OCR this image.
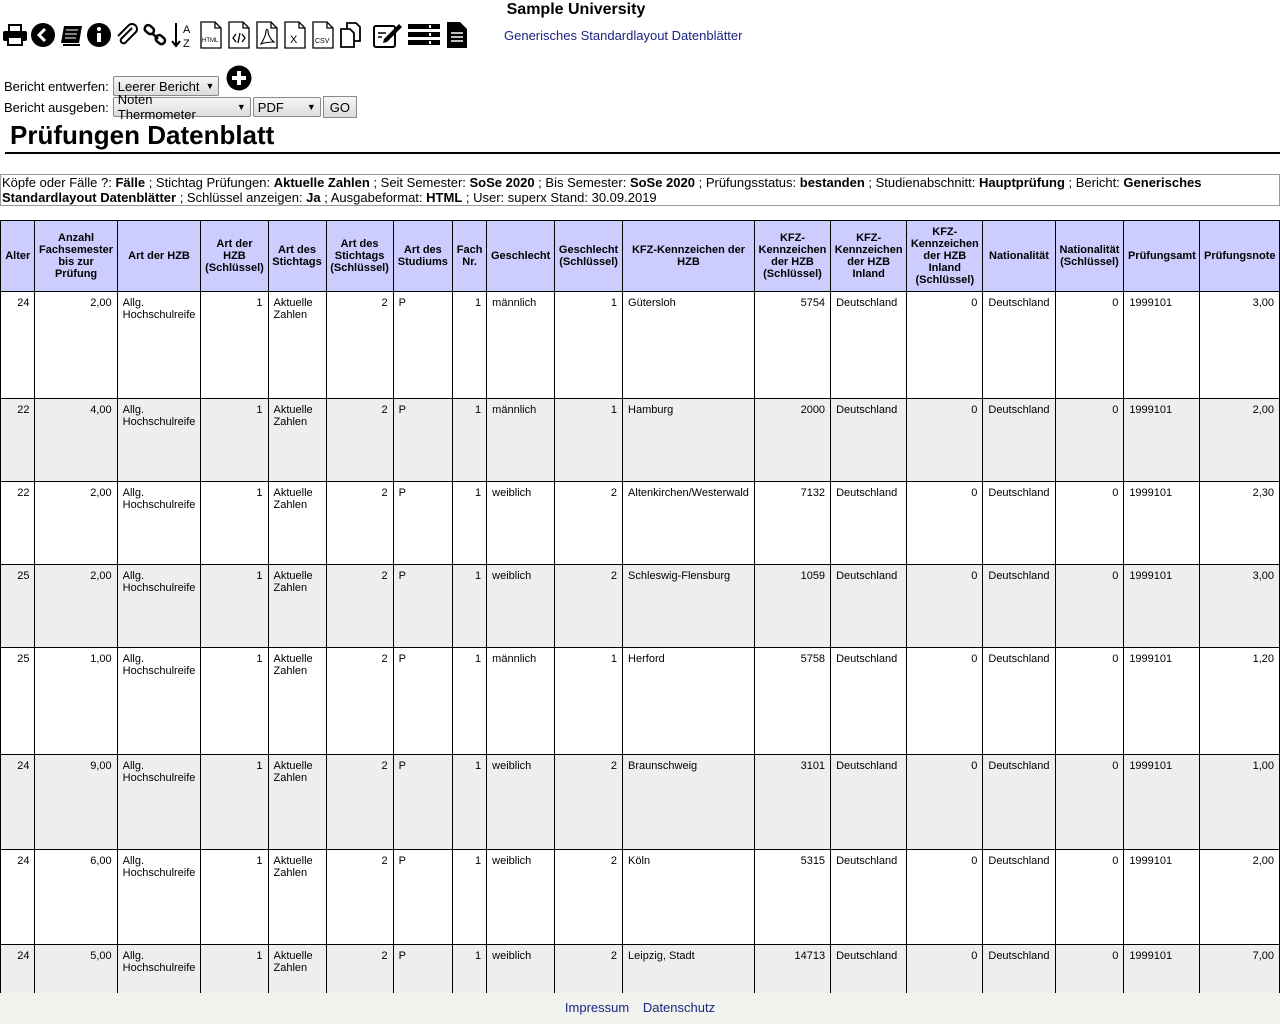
Sample University
A
Z HTML	X	CSV	Generisches Standardlayout Datenblätter
Bericht entwerfen: Leerer Bericht ▼
Bericht ausgeben: Noten Thermometer	▼ PDF	▼	GO
Prüfungen Datenblatt
Köpfe oder Fälle ?: Fälle ; Stichtag Prüfungen: Aktuelle Zahlen ; Seit Semester: SoSe 2020 ; Bis Semester: SoSe 2020 ; Prüfungsstatus: bestanden ; Studienabschnitt: Hauptprüfung ; Bericht: Generisches Standardlayout Datenblätter ; Schlüssel anzeigen: Ja ; Ausgabeformat: HTML ; User: superx Stand: 30.09.2019
Alter	Anzahl Fachsemester bis zur Prüfung	Art der HZB	Art der HZB (Schlüssel)	Art des Stichtags	Art des Stichtags (Schlüssel)	Art des Studiums	Fach Nr.	Geschlecht	Geschlecht (Schlüssel)	KFZ-Kennzeichen der HZB	KFZ-Kennzeichen der HZB (Schlüssel)	KFZ-Kennzeichen der HZB Inland	KFZ-Kennzeichen der HZB Inland (Schlüssel)	Nationalität	Nationalität (Schlüssel)	Prüfungsamt	Prüfungsnote
24	2,00	Allg. Hochschulreife	1	Aktuelle Zahlen	2	P	1	männlich	1	Gütersloh	5754	Deutschland	0	Deutschland	0	1999101	3,00
22	4,00	Allg. Hochschulreife	1	Aktuelle Zahlen	2	P	1	männlich	1	Hamburg	2000	Deutschland	0	Deutschland	0	1999101	2,00
22	2,00	Allg. Hochschulreife	1	Aktuelle Zahlen	2	P	1	weiblich	2	Altenkirchen/Westerwald	7132	Deutschland	0	Deutschland	0	1999101	2,30
25	2,00	Allg. Hochschulreife	1	Aktuelle Zahlen	2	P	1	weiblich	2	Schleswig-Flensburg	1059	Deutschland	0	Deutschland	0	1999101	3,00
25	1,00	Allg. Hochschulreife	1	Aktuelle Zahlen	2	P	1	männlich	1	Herford	5758	Deutschland	0	Deutschland	0	1999101	1,20
24	9,00	Allg. Hochschulreife	1	Aktuelle Zahlen	2	P	1	weiblich	2	Braunschweig	3101	Deutschland	0	Deutschland	0	1999101	1,00
24	6,00	Allg. Hochschulreife	1	Aktuelle Zahlen	2	P	1	weiblich	2	Köln	5315	Deutschland	0	Deutschland	0	1999101	2,00
24	5,00	Allg. Hochschulreife	1	Aktuelle Zahlen	2	P	1	weiblich	2	Leipzig, Stadt	14713	Deutschland	0	Deutschland	0	1999101	7,00
Impressum Datenschutz
